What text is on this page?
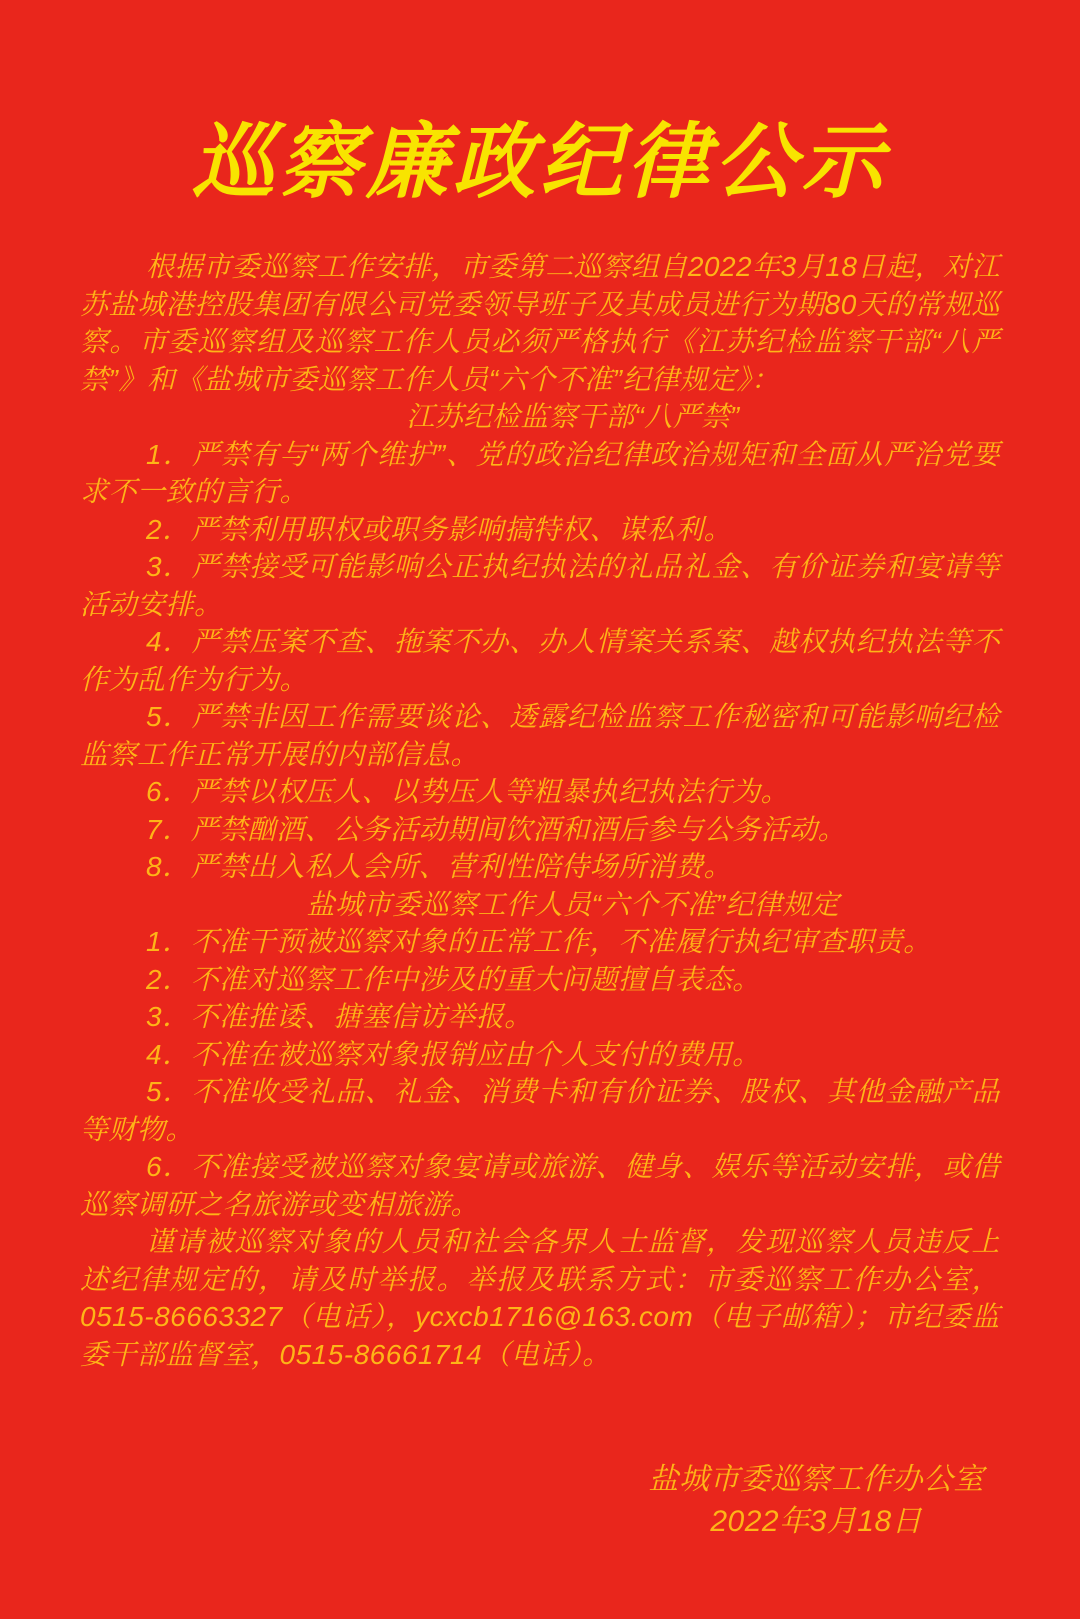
巡察廉政纪律公示

根据市委巡察工作安排，市委第二巡察组自2022年3月18日起，对江苏盐城港控股集团有限公司党委领导班子及其成员进行为期80天的常规巡察。市委巡察组及巡察工作人员必须严格执行《江苏纪检监察干部“八严禁”》和《盐城市委巡察工作人员“六个不准”纪律规定》：

江苏纪检监察干部“八严禁”

1．严禁有与“两个维护”、党的政治纪律政治规矩和全面从严治党要求不一致的言行。

2．严禁利用职权或职务影响搞特权、谋私利。

3．严禁接受可能影响公正执纪执法的礼品礼金、有价证券和宴请等活动安排。

4．严禁压案不查、拖案不办、办人情案关系案、越权执纪执法等不作为乱作为行为。

5．严禁非因工作需要谈论、透露纪检监察工作秘密和可能影响纪检监察工作正常开展的内部信息。

6．严禁以权压人、以势压人等粗暴执纪执法行为。

7．严禁酗酒、公务活动期间饮酒和酒后参与公务活动。

8．严禁出入私人会所、营利性陪侍场所消费。

盐城市委巡察工作人员“六个不准”纪律规定

1．不准干预被巡察对象的正常工作，不准履行执纪审查职责。

2．不准对巡察工作中涉及的重大问题擅自表态。

3．不准推诿、搪塞信访举报。

4．不准在被巡察对象报销应由个人支付的费用。

5．不准收受礼品、礼金、消费卡和有价证券、股权、其他金融产品等财物。

6．不准接受被巡察对象宴请或旅游、健身、娱乐等活动安排，或借巡察调研之名旅游或变相旅游。

谨请被巡察对象的人员和社会各界人士监督，发现巡察人员违反上述纪律规定的，请及时举报。举报及联系方式：市委巡察工作办公室，0515-86663327（电话），ycxcb1716@163.com（电子邮箱）；市纪委监委干部监督室，0515-86661714（电话）。

盐城市委巡察工作办公室
2022年3月18日
